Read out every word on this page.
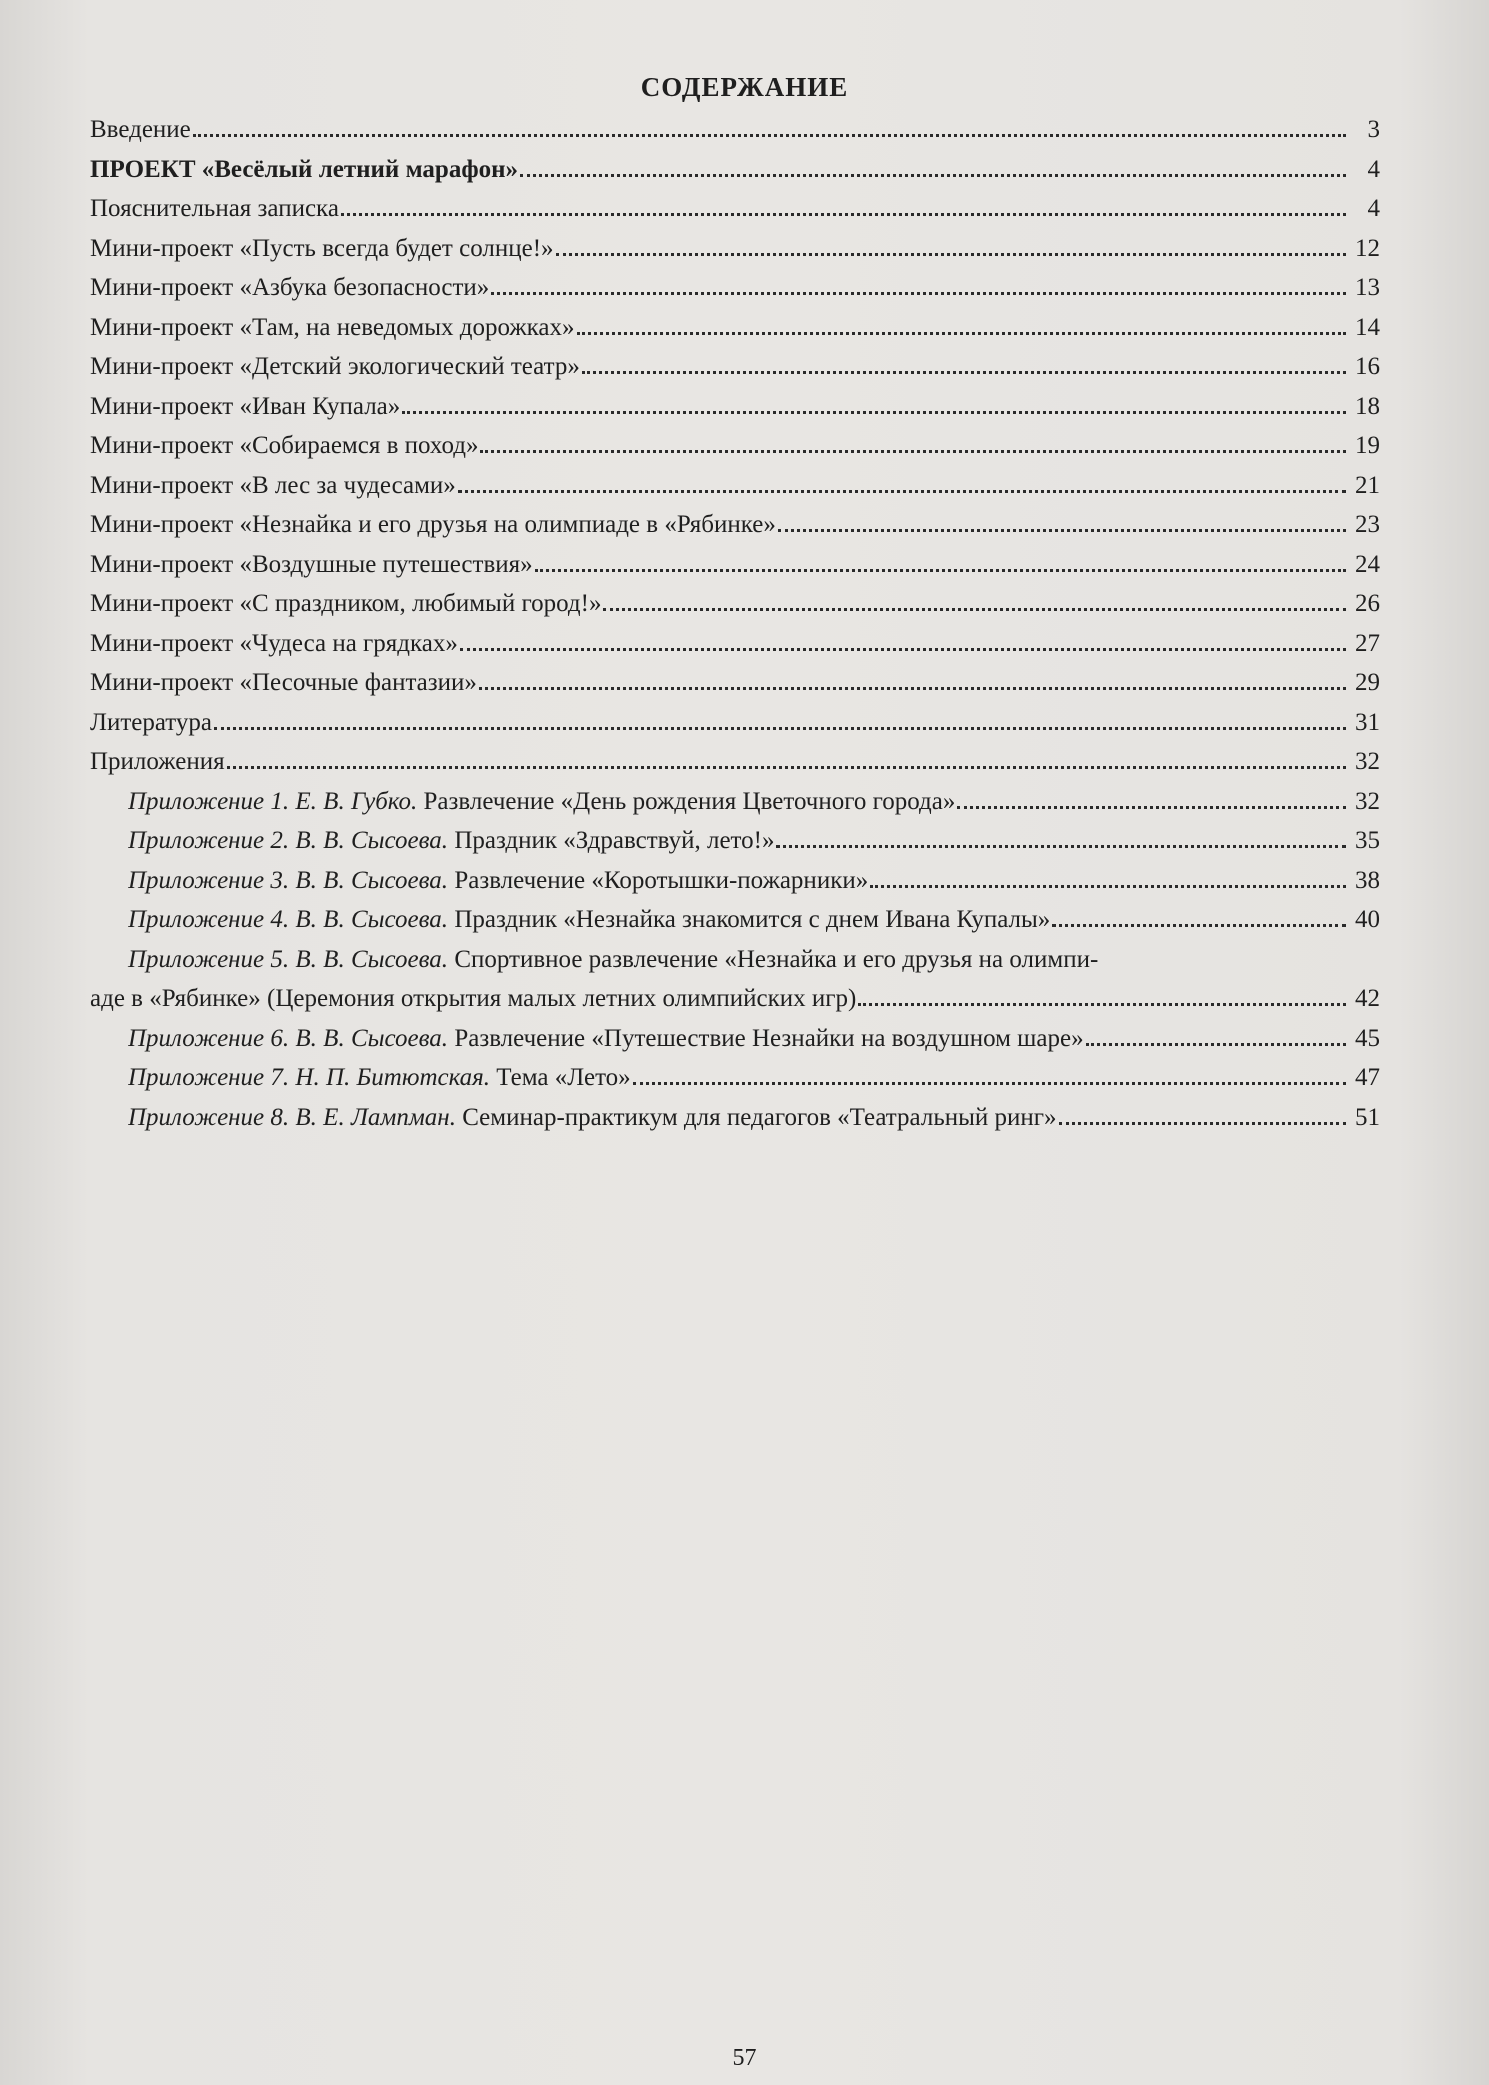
СОДЕРЖАНИЕ
Введение	3
ПРОЕКТ «Весёлый летний марафон»	4
Пояснительная записка	4
Мини-проект «Пусть всегда будет солнце!»	12
Мини-проект «Азбука безопасности»	13
Мини-проект «Там, на неведомых дорожках»	14
Мини-проект «Детский экологический театр»	16
Мини-проект «Иван Купала»	18
Мини-проект «Собираемся в поход»	19
Мини-проект «В лес за чудесами»	21
Мини-проект «Незнайка и его друзья на олимпиаде в «Рябинке»	23
Мини-проект «Воздушные путешествия»	24
Мини-проект «С праздником, любимый город!»	26
Мини-проект «Чудеса на грядках»	27
Мини-проект «Песочные фантазии»	29
Литература	31
Приложения	32
Приложение 1. Е. В. Губко. Развлечение «День рождения Цветочного города»	32
Приложение 2. В. В. Сысоева. Праздник «Здравствуй, лето!»	35
Приложение 3. В. В. Сысоева. Развлечение «Коротышки-пожарники»	38
Приложение 4. В. В. Сысоева. Праздник «Незнайка знакомится с днем Ивана Купалы»	40
Приложение 5. В. В. Сысоева. Спортивное развлечение «Незнайка и его друзья на олимпи-
аде в «Рябинке» (Церемония открытия малых летних олимпийских игр)	42
Приложение 6. В. В. Сысоева. Развлечение «Путешествие Незнайки на воздушном шаре»	45
Приложение 7. Н. П. Битютская. Тема «Лето»	47
Приложение 8. В. Е. Лампман. Семинар-практикум для педагогов «Театральный ринг»	51

57
